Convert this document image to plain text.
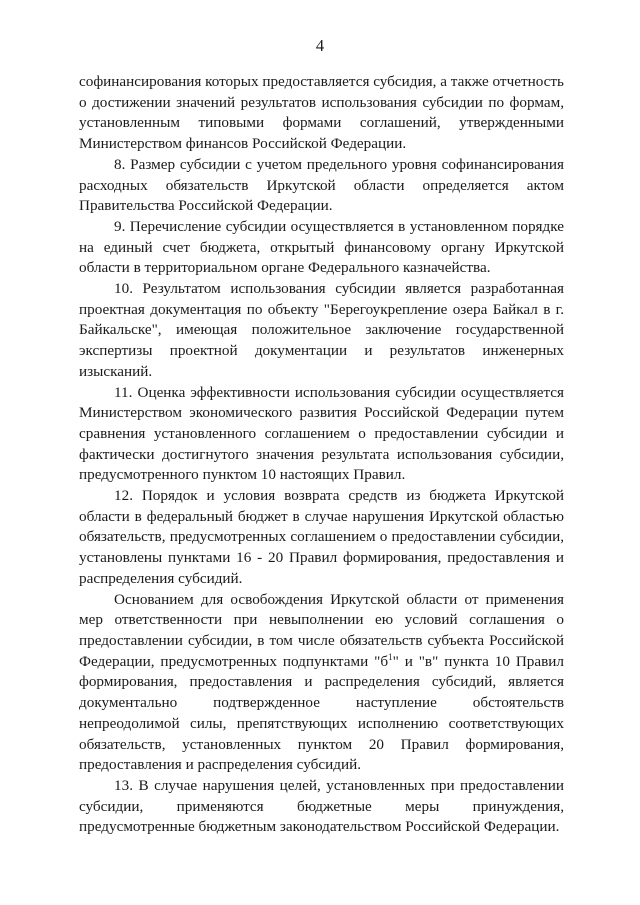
4

софинансирования которых предоставляется субсидия, а также отчетность о достижении значений результатов использования субсидии по формам, установленным типовыми формами соглашений, утвержденными Министерством финансов Российской Федерации.

8. Размер субсидии с учетом предельного уровня софинансирования расходных обязательств Иркутской области определяется актом Правительства Российской Федерации.

9. Перечисление субсидии осуществляется в установленном порядке на единый счет бюджета, открытый финансовому органу Иркутской области в территориальном органе Федерального казначейства.

10. Результатом использования субсидии является разработанная проектная документация по объекту "Берегоукрепление озера Байкал в г. Байкальске", имеющая положительное заключение государственной экспертизы проектной документации и результатов инженерных изысканий.

11. Оценка эффективности использования субсидии осуществляется Министерством экономического развития Российской Федерации путем сравнения установленного соглашением о предоставлении субсидии и фактически достигнутого значения результата использования субсидии, предусмотренного пунктом 10 настоящих Правил.

12. Порядок и условия возврата средств из бюджета Иркутской области в федеральный бюджет в случае нарушения Иркутской областью обязательств, предусмотренных соглашением о предоставлении субсидии, установлены пунктами 16 - 20 Правил формирования, предоставления и распределения субсидий.

Основанием для освобождения Иркутской области от применения мер ответственности при невыполнении ею условий соглашения о предоставлении субсидии, в том числе обязательств субъекта Российской Федерации, предусмотренных подпунктами "$б^1$" и "в" пункта 10 Правил формирования, предоставления и распределения субсидий, является документально подтвержденное наступление обстоятельств непреодолимой силы, препятствующих исполнению соответствующих обязательств, установленных пунктом 20 Правил формирования, предоставления и распределения субсидий.

13. В случае нарушения целей, установленных при предоставлении субсидии, применяются бюджетные меры принуждения, предусмотренные бюджетным законодательством Российской Федерации.
